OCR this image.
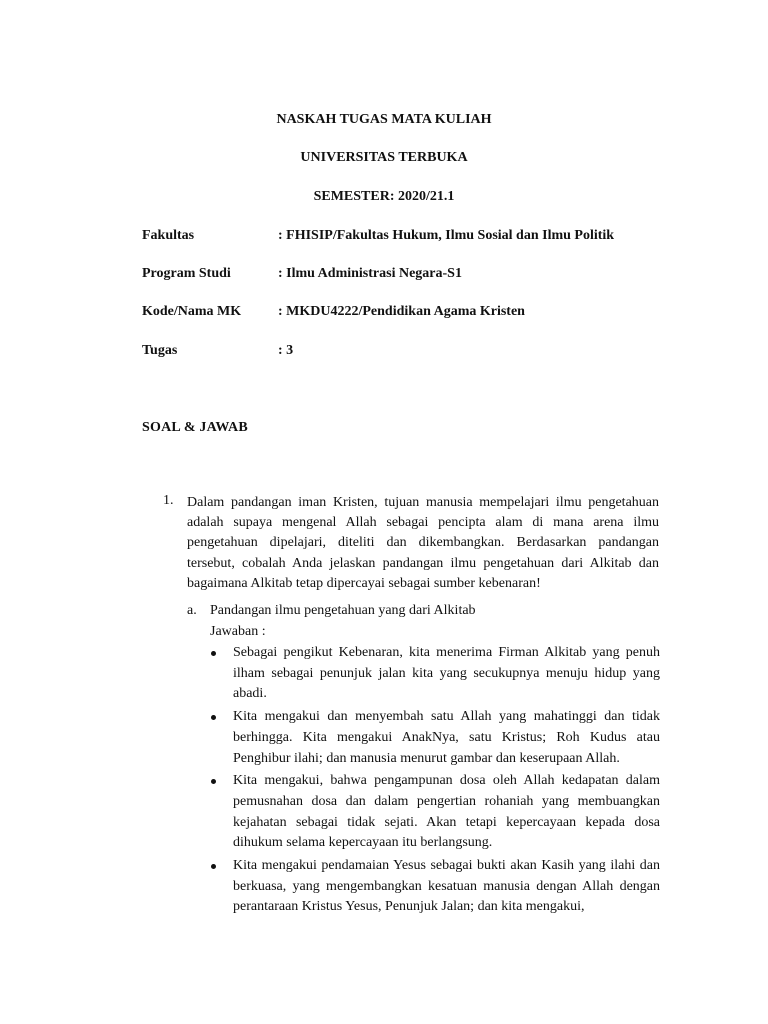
NASKAH TUGAS MATA KULIAH
UNIVERSITAS TERBUKA
SEMESTER: 2020/21.1
Fakultas	: FHISIP/Fakultas Hukum, Ilmu Sosial dan Ilmu Politik
Program Studi	: Ilmu Administrasi Negara-S1
Kode/Nama MK	: MKDU4222/Pendidikan Agama Kristen
Tugas	: 3
SOAL & JAWAB
1. Dalam pandangan iman Kristen, tujuan manusia mempelajari ilmu pengetahuan adalah supaya mengenal Allah sebagai pencipta alam di mana arena ilmu pengetahuan dipelajari, diteliti dan dikembangkan. Berdasarkan pandangan tersebut, cobalah Anda jelaskan pandangan ilmu pengetahuan dari Alkitab dan bagaimana Alkitab tetap dipercayai sebagai sumber kebenaran!
a. Pandangan ilmu pengetahuan yang dari Alkitab
Jawaban :
Sebagai pengikut Kebenaran, kita menerima Firman Alkitab yang penuh ilham sebagai penunjuk jalan kita yang secukupnya menuju hidup yang abadi.
Kita mengakui dan menyembah satu Allah yang mahatinggi dan tidak berhingga. Kita mengakui AnakNya, satu Kristus; Roh Kudus atau Penghibur ilahi; dan manusia menurut gambar dan keserupaan Allah.
Kita mengakui, bahwa pengampunan dosa oleh Allah kedapatan dalam pemusnahan dosa dan dalam pengertian rohaniah yang membuangkan kejahatan sebagai tidak sejati. Akan tetapi kepercayaan kepada dosa dihukum selama kepercayaan itu berlangsung.
Kita mengakui pendamaian Yesus sebagai bukti akan Kasih yang ilahi dan berkuasa, yang mengembangkan kesatuan manusia dengan Allah dengan perantaraan Kristus Yesus, Penunjuk Jalan; dan kita mengakui,
